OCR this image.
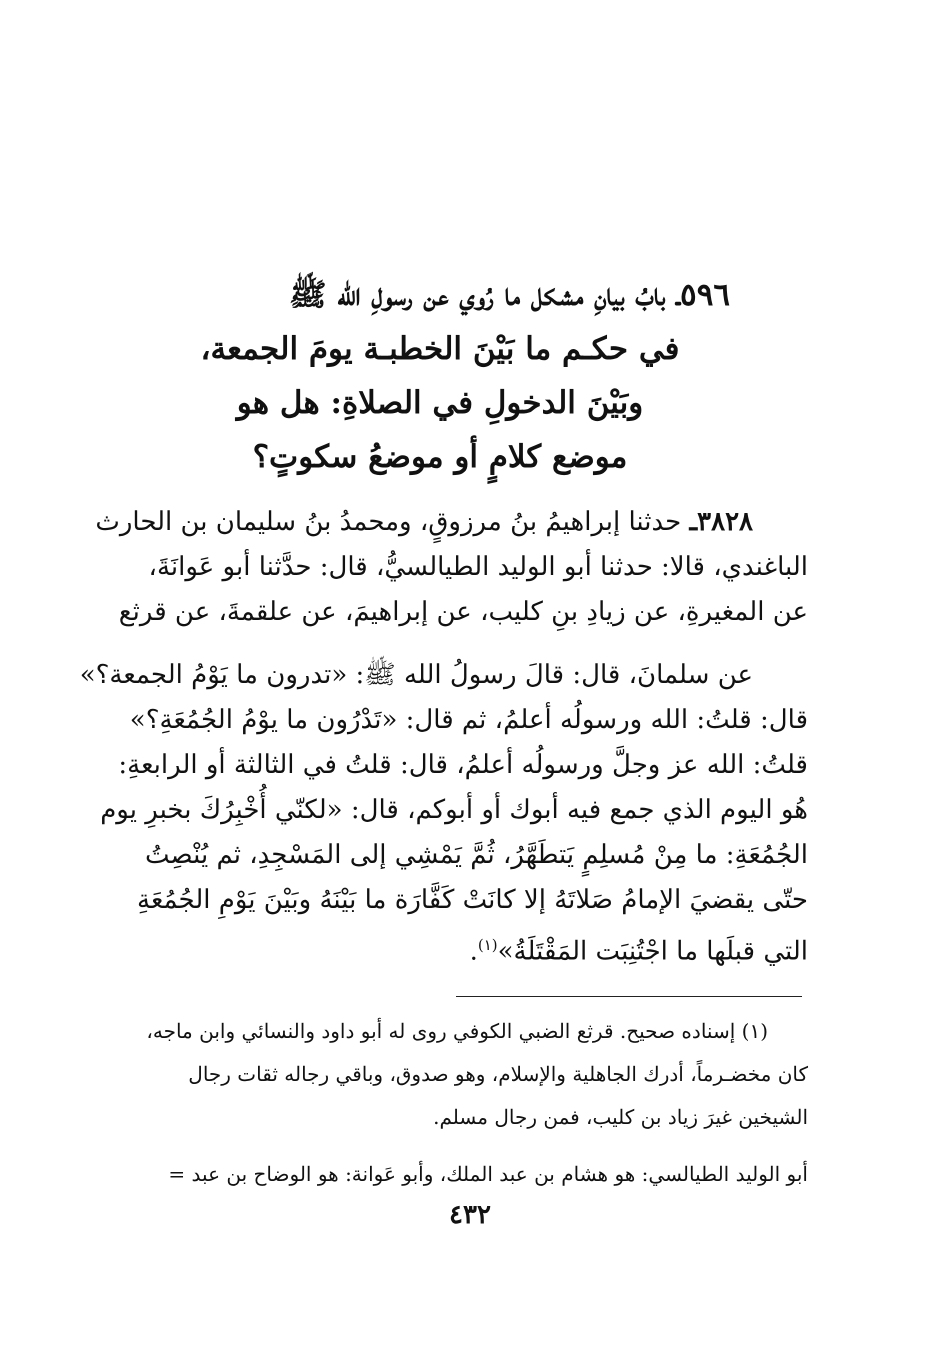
٥٩٦ـ بابُ بيانِ مشكل ما رُوي عن رسولِ الله ﷺ
في حكـم ما بَيْنَ الخطبـة يومَ الجمعة،
وبَيْنَ الدخولِ في الصلاةِ: هل هو
موضع كلامٍ أو موضعُ سكوتٍ؟
٣٨٢٨ـ حدثنا إبراهيمُ بنُ مرزوقٍ، ومحمدُ بنُ سليمان بن الحارث
الباغندي، قالا: حدثنا أبو الوليد الطيالسيُّ، قال: حدَّثنا أبو عَوانَةَ،
عن المغيرةِ، عن زيادِ بنِ كليب، عن إبراهيمَ، عن علقمةَ، عن قرثع
عن سلمانَ، قال: قالَ رسولُ الله ﷺ: «تدرون ما يَوْمُ الجمعة؟»
قال: قلتُ: الله ورسولُه أعلمُ، ثم قال: «تَدْرُون ما يوْمُ الجُمُعَةِ؟»
قلتُ: الله عز وجلَّ ورسولُه أعلمُ، قال: قلتُ في الثالثة أو الرابعةِ:
هُو اليوم الذي جمع فيه أبوك أو أبوكم، قال: «لكنّي أُخْبِرُكَ بخبرِ يوم
الجُمُعَةِ: ما مِنْ مُسلِمٍ يَتطَهَّرُ، ثُمَّ يَمْشِي إلى المَسْجِدِ، ثم يُنْصِتُ
حتّى يقضيَ الإمامُ صَلاتَهُ إلا كانَتْ كَفَّارَة ما بَيْنَهُ وبَيْنَ يَوْمِ الجُمُعَةِ
التي قبلَها ما اجْتُنِبَت المَقْتَلَةُ»$^{(١)}$.
(١) إسناده صحيح. قرثع الضبي الكوفي روى له أبو داود والنسائي وابن ماجه،
كان مخضـرماً، أدرك الجاهلية والإسلام، وهو صدوق، وباقي رجاله ثقات رجال
الشيخين غيرَ زياد بن كليب، فمن رجال مسلم.
أبو الوليد الطيالسي: هو هشام بن عبد الملك، وأبو عَوانة: هو الوضاح بن عبد =
٤٣٢
